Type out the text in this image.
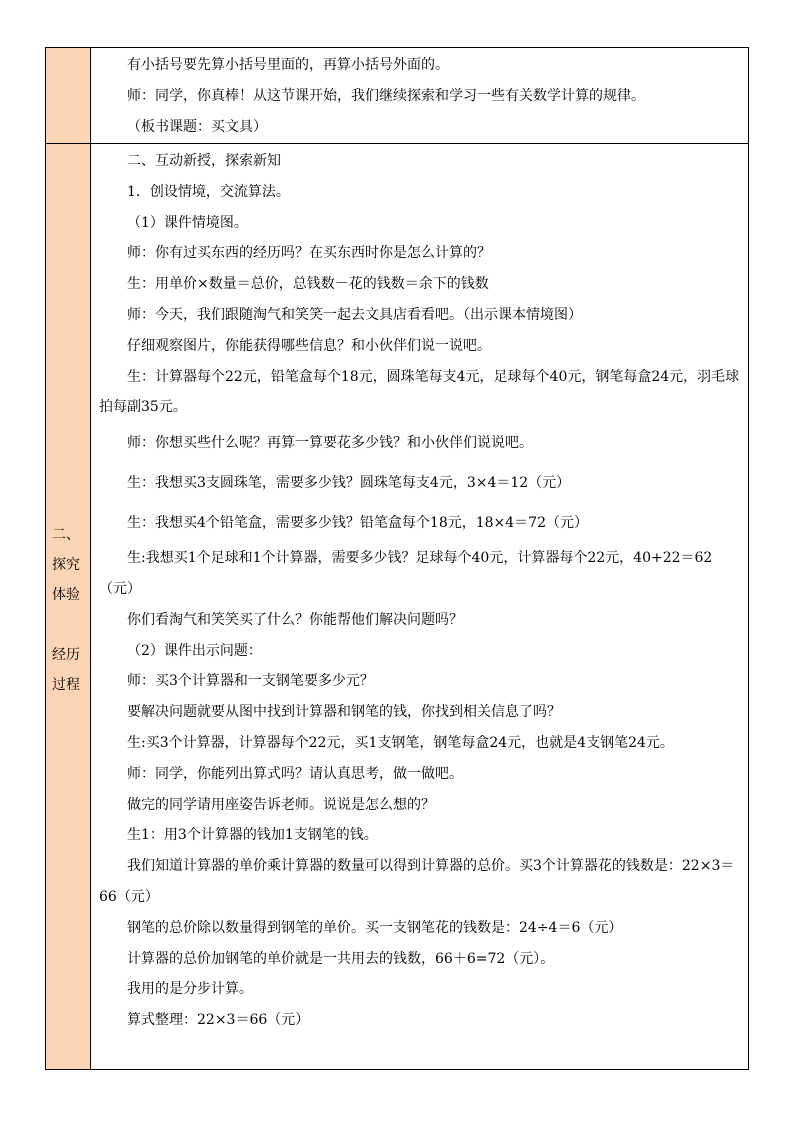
有小括号要先算小括号里面的，再算小括号外面的。

师：同学，你真棒！从这节课开始，我们继续探索和学习一些有关数学计算的规律。

（板书课题：买文具）

二、
探究
体验
经历
过程

二、互动新授，探索新知

1．创设情境，交流算法。

（1）课件情境图。

师：你有过买东西的经历吗？在买东西时你是怎么计算的？

生：用单价×数量＝总价，总钱数－花的钱数＝余下的钱数

师：今天，我们跟随淘气和笑笑一起去文具店看看吧。（出示课本情境图）

仔细观察图片，你能获得哪些信息？和小伙伴们说一说吧。

生：计算器每个22元，铅笔盒每个18元，圆珠笔每支4元，足球每个40元，钢笔每盒24元，羽毛球拍每副35元。

师：你想买些什么呢？再算一算要花多少钱？和小伙伴们说说吧。

生：我想买3支圆珠笔，需要多少钱？圆珠笔每支4元，3×4＝12（元）

生：我想买4个铅笔盒，需要多少钱？铅笔盒每个18元，18×4＝72（元）

生:我想买1个足球和1个计算器，需要多少钱？足球每个40元，计算器每个22元，40+22＝62（元）

你们看淘气和笑笑买了什么？你能帮他们解决问题吗？

（2）课件出示问题：

师：买3个计算器和一支钢笔要多少元？

要解决问题就要从图中找到计算器和钢笔的钱，你找到相关信息了吗？

生:买3个计算器，计算器每个22元，买1支钢笔，钢笔每盒24元，也就是4支钢笔24元。

师：同学，你能列出算式吗？请认真思考，做一做吧。

做完的同学请用座姿告诉老师。说说是怎么想的？

生1：用3个计算器的钱加1支钢笔的钱。

我们知道计算器的单价乘计算器的数量可以得到计算器的总价。买3个计算器花的钱数是：22×3＝66（元）

钢笔的总价除以数量得到钢笔的单价。买一支钢笔花的钱数是：24÷4＝6（元）

计算器的总价加钢笔的单价就是一共用去的钱数，66＋6=72（元）。

我用的是分步计算。

算式整理：22×3＝66（元）
